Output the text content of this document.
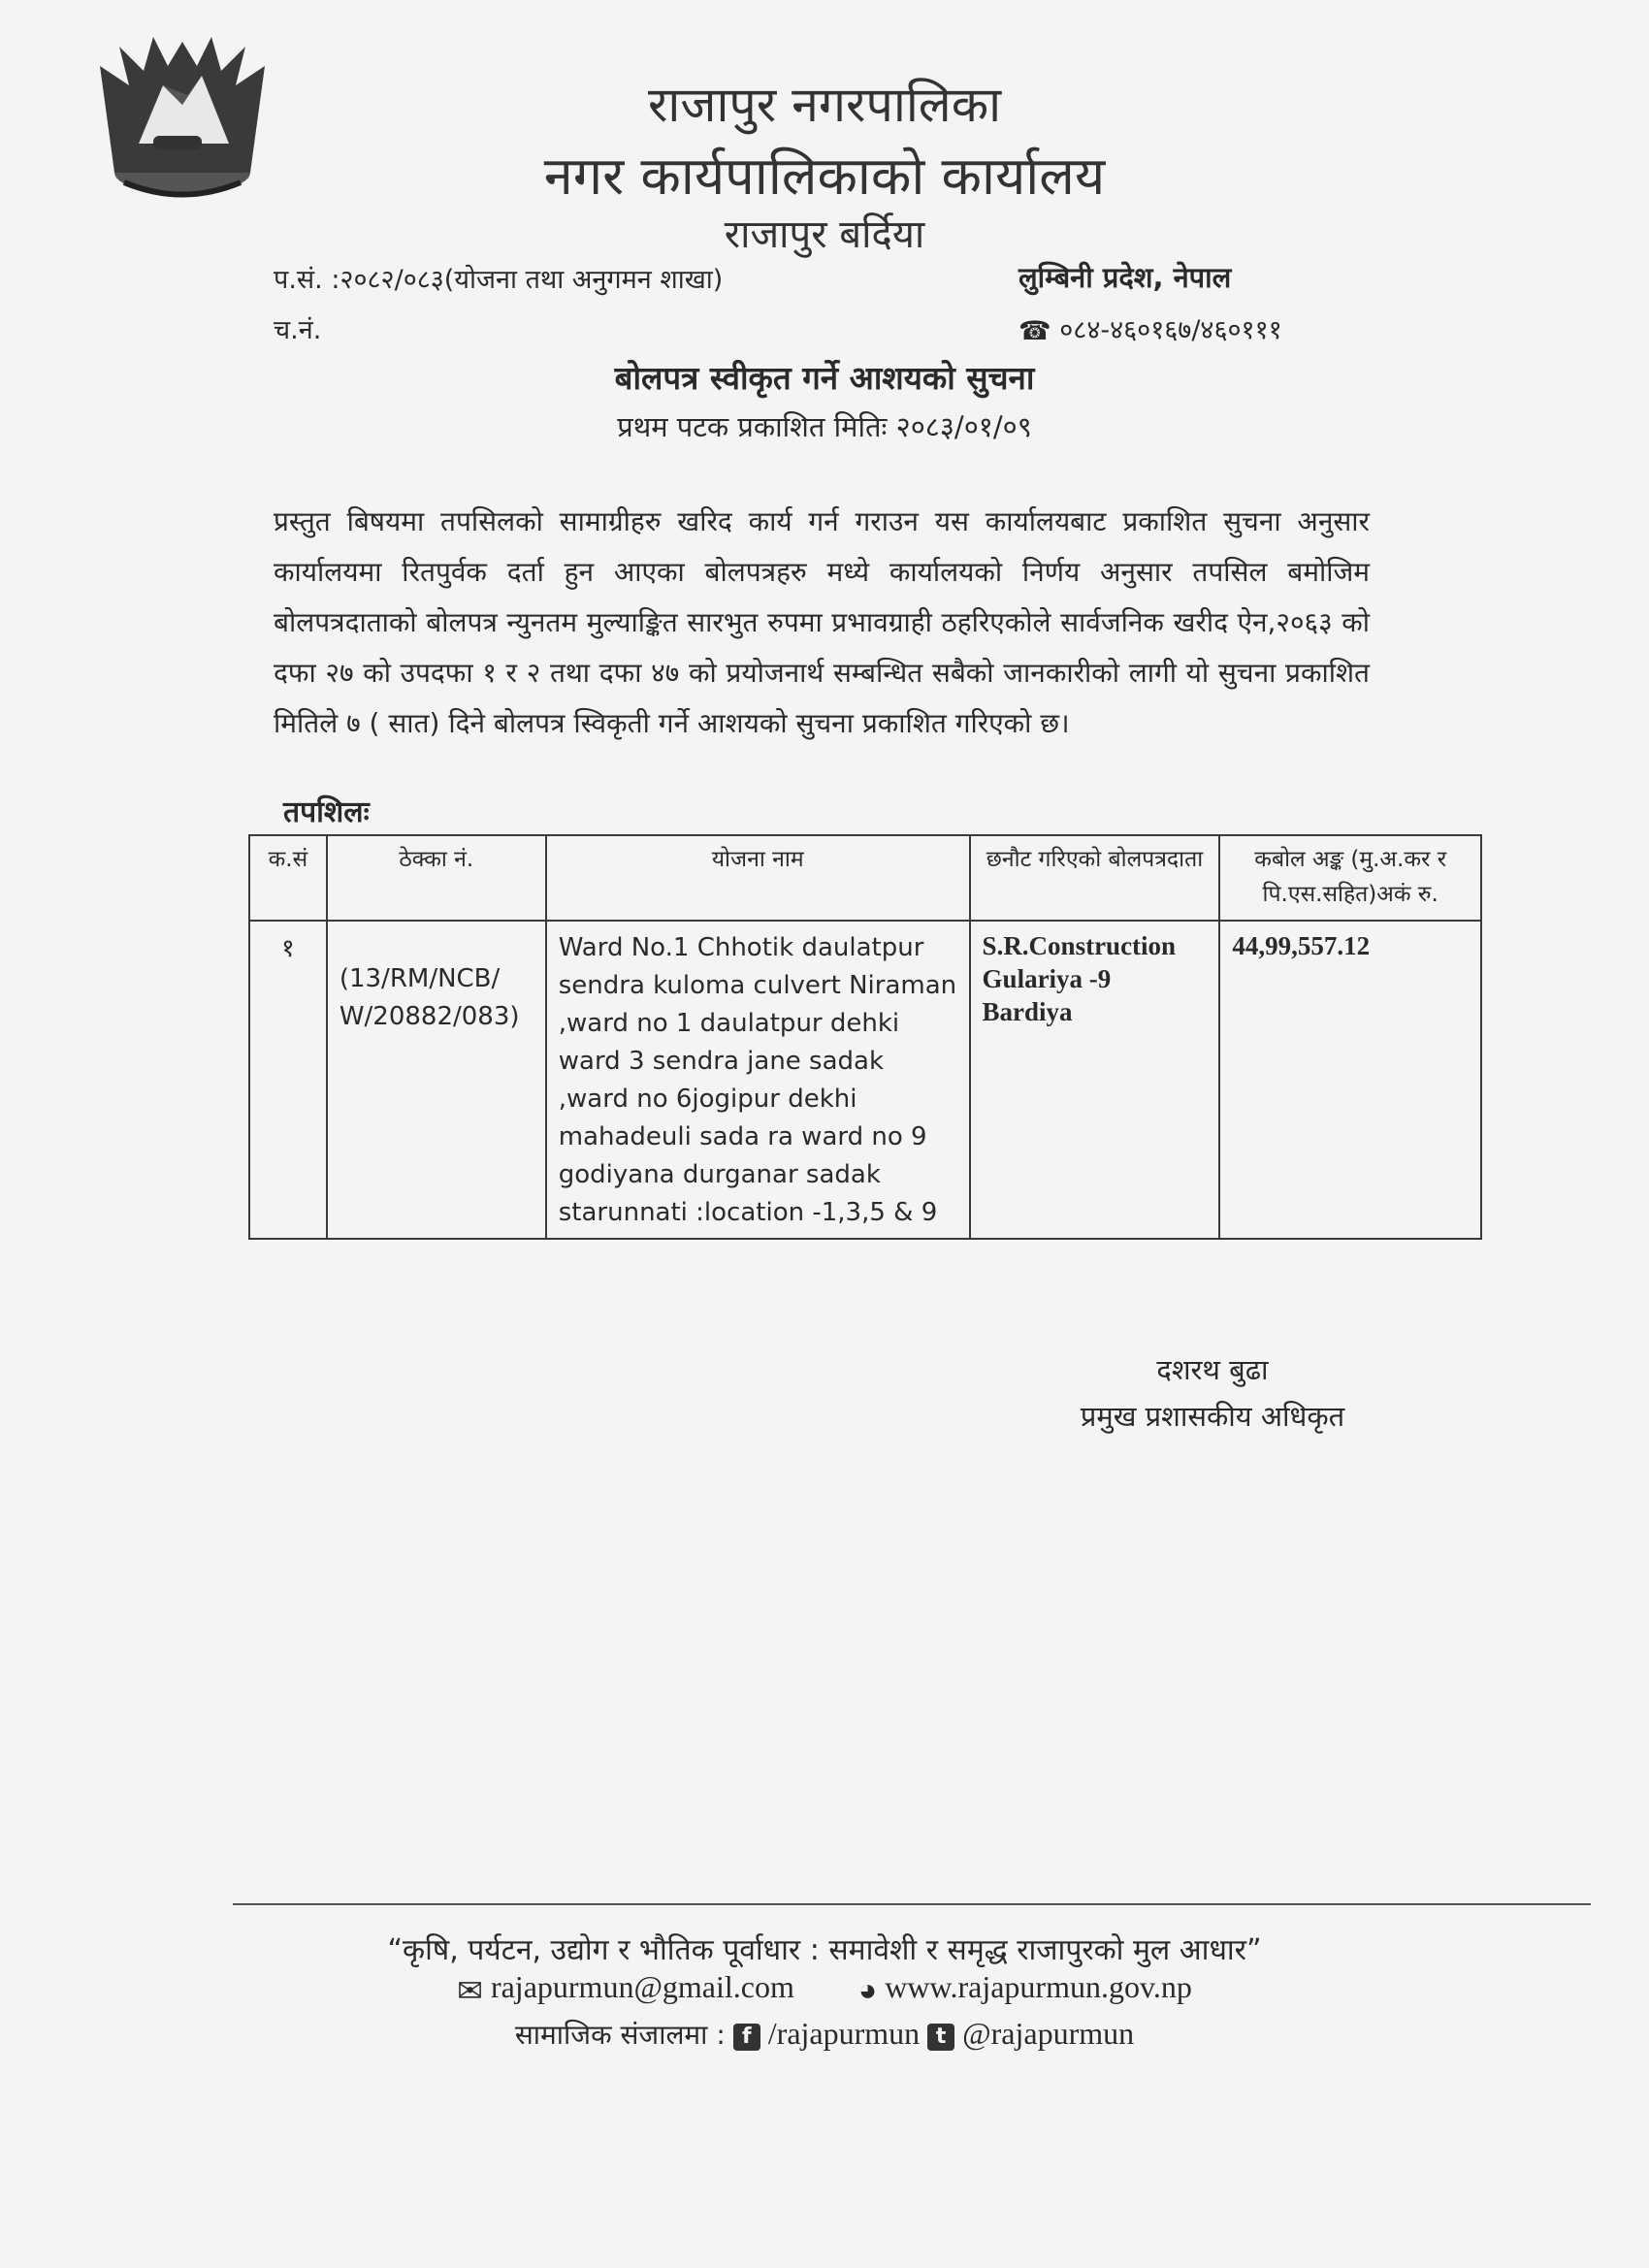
राजापुर नगरपालिका
नगर कार्यपालिकाको कार्यालय
राजापुर बर्दिया
प.सं. :२०८२/०८३(योजना तथा अनुगमन शाखा)
च.नं.
लुम्बिनी प्रदेश, नेपाल
☎ ०८४-४६०१६७/४६०१११
बोलपत्र स्वीकृत गर्ने आशयको सुचना
प्रथम पटक प्रकाशित मितिः २०८३/०१/०९
प्रस्तुत बिषयमा तपसिलको सामाग्रीहरु खरिद कार्य गर्न गराउन यस कार्यालयबाट प्रकाशित सुचना अनुसार कार्यालयमा रितपुर्वक दर्ता हुन आएका बोलपत्रहरु मध्ये कार्यालयको निर्णय अनुसार तपसिल बमोजिम बोलपत्रदाताको बोलपत्र न्युनतम मुल्याङ्कित सारभुत रुपमा प्रभावग्राही ठहरिएकोले सार्वजनिक खरीद ऐन,२०६३ को दफा २७ को उपदफा १ र २ तथा दफा ४७ को प्रयोजनार्थ सम्बन्धित सबैको जानकारीको लागी यो सुचना प्रकाशित मितिले ७ ( सात) दिने बोलपत्र स्विकृती गर्ने आशयको सुचना प्रकाशित गरिएको छ।
तपशिलः
क.सं	ठेक्का नं.	योजना नाम	छनौट गरिएको बोलपत्रदाता	कबोल अङ्क (मु.अ.कर र पि.एस.सहित)अकं रु.
१	(13/RM/NCB/ W/20882/083)	Ward No.1 Chhotik daulatpur sendra kuloma culvert Niraman ,ward no 1 daulatpur dehki ward 3 sendra jane sadak ,ward no 6jogipur dekhi mahadeuli sada ra ward no 9 godiyana durganar sadak starunnati :location -1,3,5 & 9	S.R.Construction Gulariya -9 Bardiya	44,99,557.12
दशरथ बुढा
प्रमुख प्रशासकीय अधिकृत
“कृषि, पर्यटन, उद्योग र भौतिक पूर्वाधार : समावेशी र समृद्ध राजापुरको मुल आधार”
✉ rajapurmun@gmail.com ◕ www.rajapurmun.gov.np
सामाजिक संजालमा : f /rajapurmun t @rajapurmun
